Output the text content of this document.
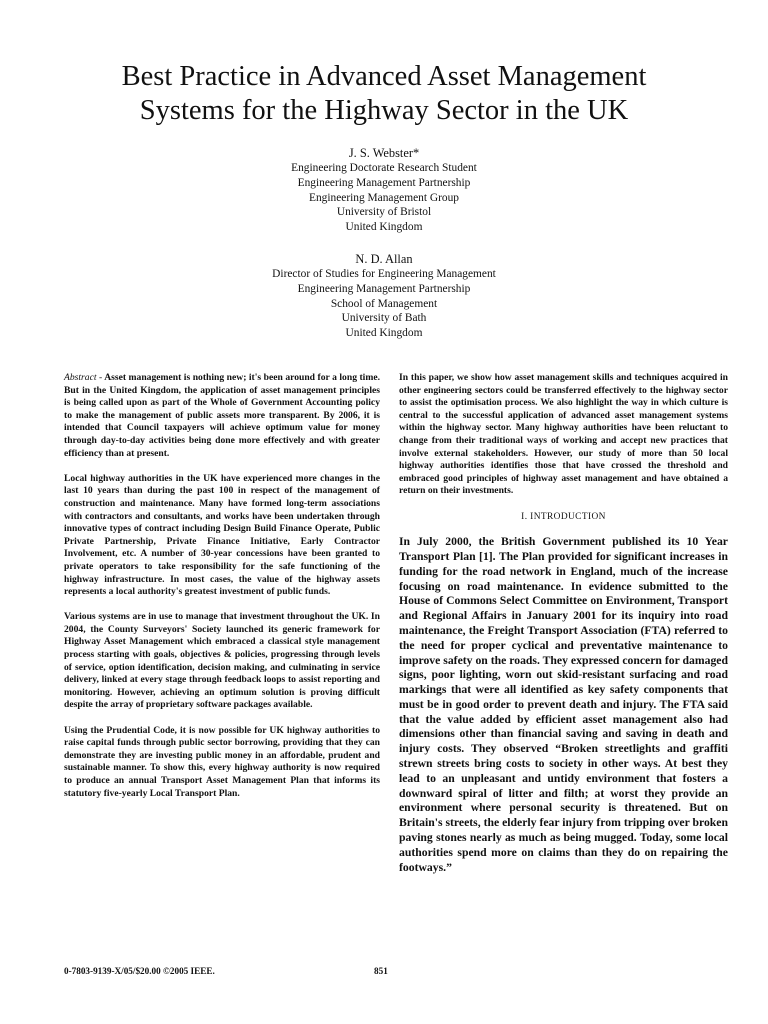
Best Practice in Advanced Asset Management
Systems for the Highway Sector in the UK
J. S. Webster*
Engineering Doctorate Research Student
Engineering Management Partnership
Engineering Management Group
University of Bristol
United Kingdom
N. D. Allan
Director of Studies for Engineering Management
Engineering Management Partnership
School of Management
University of Bath
United Kingdom

Abstract - Asset management is nothing new; it's been around for a long time. But in the United Kingdom, the application of asset management principles is being called upon as part of the Whole of Government Accounting policy to make the management of public assets more transparent. By 2006, it is intended that Council taxpayers will achieve optimum value for money through day-to-day activities being done more effectively and with greater efficiency than at present.

Local highway authorities in the UK have experienced more changes in the last 10 years than during the past 100 in respect of the management of construction and maintenance. Many have formed long-term associations with contractors and consultants, and works have been undertaken through innovative types of contract including Design Build Finance Operate, Public Private Partnership, Private Finance Initiative, Early Contractor Involvement, etc. A number of 30-year concessions have been granted to private operators to take responsibility for the safe functioning of the highway infrastructure. In most cases, the value of the highway assets represents a local authority's greatest investment of public funds.

Various systems are in use to manage that investment throughout the UK. In 2004, the County Surveyors' Society launched its generic framework for Highway Asset Management which embraced a classical style management process starting with goals, objectives & policies, progressing through levels of service, option identification, decision making, and culminating in service delivery, linked at every stage through feedback loops to assist reporting and monitoring. However, achieving an optimum solution is proving difficult despite the array of proprietary software packages available.

Using the Prudential Code, it is now possible for UK highway authorities to raise capital funds through public sector borrowing, providing that they can demonstrate they are investing public money in an affordable, prudent and sustainable manner. To show this, every highway authority is now required to produce an annual Transport Asset Management Plan that informs its statutory five-yearly Local Transport Plan.

In this paper, we show how asset management skills and techniques acquired in other engineering sectors could be transferred effectively to the highway sector to assist the optimisation process. We also highlight the way in which culture is central to the successful application of advanced asset management systems within the highway sector. Many highway authorities have been reluctant to change from their traditional ways of working and accept new practices that involve external stakeholders. However, our study of more than 50 local highway authorities identifies those that have crossed the threshold and embraced good principles of highway asset management and have obtained a return on their investments.

I. INTRODUCTION

In July 2000, the British Government published its 10 Year Transport Plan [1]. The Plan provided for significant increases in funding for the road network in England, much of the increase focusing on road maintenance. In evidence submitted to the House of Commons Select Committee on Environment, Transport and Regional Affairs in January 2001 for its inquiry into road maintenance, the Freight Transport Association (FTA) referred to the need for proper cyclical and preventative maintenance to improve safety on the roads. They expressed concern for damaged signs, poor lighting, worn out skid-resistant surfacing and road markings that were all identified as key safety components that must be in good order to prevent death and injury. The FTA said that the value added by efficient asset management also had dimensions other than financial saving and saving in death and injury costs. They observed “Broken streetlights and graffiti strewn streets bring costs to society in other ways. At best they lead to an unpleasant and untidy environment that fosters a downward spiral of litter and filth; at worst they provide an environment where personal security is threatened. But on Britain's streets, the elderly fear injury from tripping over broken paving stones nearly as much as being mugged. Today, some local authorities spend more on claims than they do on repairing the footways.”

0-7803-9139-X/05/$20.00 ©2005 IEEE.	851
